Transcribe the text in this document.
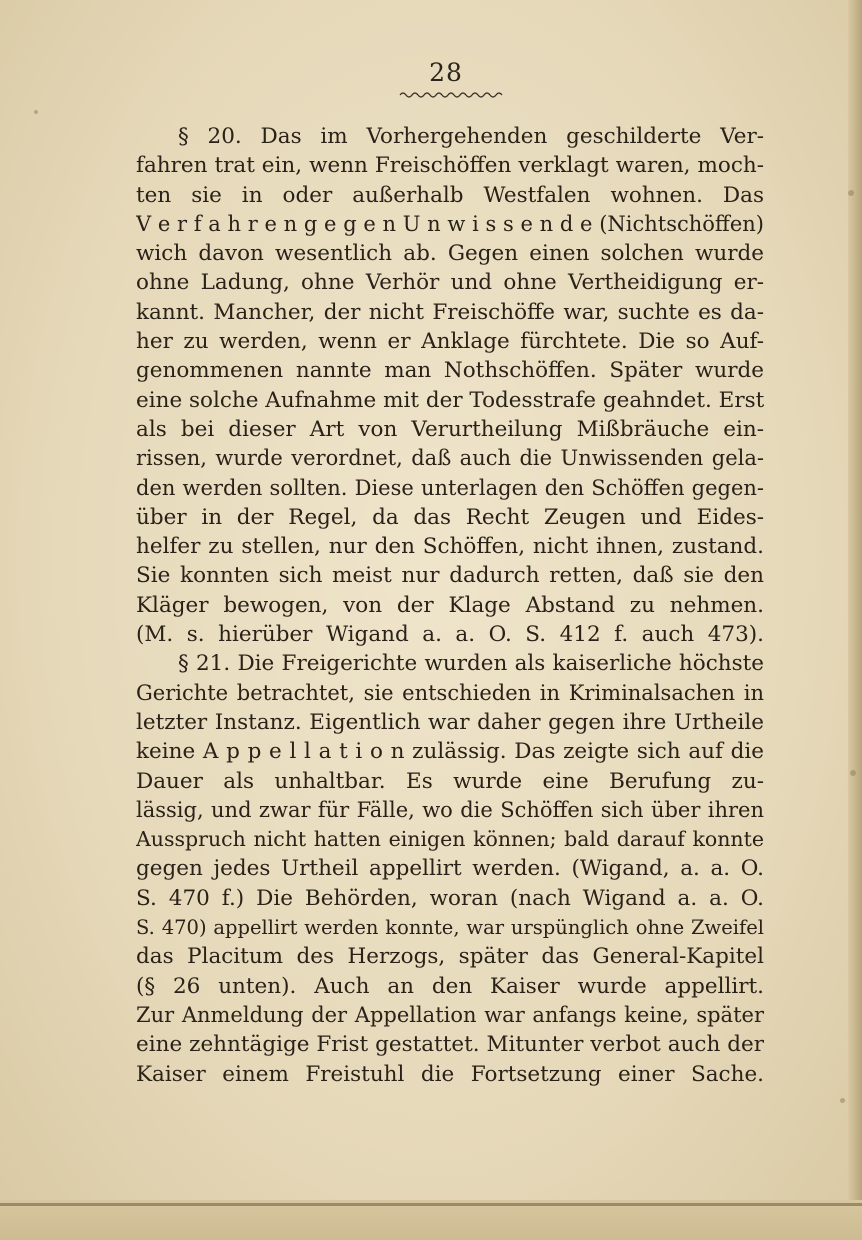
28
§ 20. Das im Vorhergehenden geschilderte Ver-
fahren trat ein, wenn Freischöffen verklagt waren, moch-
ten sie in oder außerhalb Westfalen wohnen. Das
V e r f a h r e n g e g e n U n w i s s e n d e (Nichtschöffen)
wich davon wesentlich ab. Gegen einen solchen wurde
ohne Ladung, ohne Verhör und ohne Vertheidigung er-
kannt. Mancher, der nicht Freischöffe war, suchte es da-
her zu werden, wenn er Anklage fürchtete. Die so Auf-
genommenen nannte man Nothschöffen. Später wurde
eine solche Aufnahme mit der Todesstrafe geahndet. Erst
als bei dieser Art von Verurtheilung Mißbräuche ein-
rissen, wurde verordnet, daß auch die Unwissenden gela-
den werden sollten. Diese unterlagen den Schöffen gegen-
über in der Regel, da das Recht Zeugen und Eides-
helfer zu stellen, nur den Schöffen, nicht ihnen, zustand.
Sie konnten sich meist nur dadurch retten, daß sie den
Kläger bewogen, von der Klage Abstand zu nehmen.
(M. s. hierüber Wigand a. a. O. S. 412 f. auch 473).
§ 21. Die Freigerichte wurden als kaiserliche höchste
Gerichte betrachtet, sie entschieden in Kriminalsachen in
letzter Instanz. Eigentlich war daher gegen ihre Urtheile
keine A p p e l l a t i o n zulässig. Das zeigte sich auf die
Dauer als unhaltbar. Es wurde eine Berufung zu-
lässig, und zwar für Fälle, wo die Schöffen sich über ihren
Ausspruch nicht hatten einigen können; bald darauf konnte
gegen jedes Urtheil appellirt werden. (Wigand, a. a. O.
S. 470 f.) Die Behörden, woran (nach Wigand a. a. O.
S. 470) appellirt werden konnte, war urspünglich ohne Zweifel
das Placitum des Herzogs, später das General-Kapitel
(§ 26 unten). Auch an den Kaiser wurde appellirt.
Zur Anmeldung der Appellation war anfangs keine, später
eine zehntägige Frist gestattet. Mitunter verbot auch der
Kaiser einem Freistuhl die Fortsetzung einer Sache.
